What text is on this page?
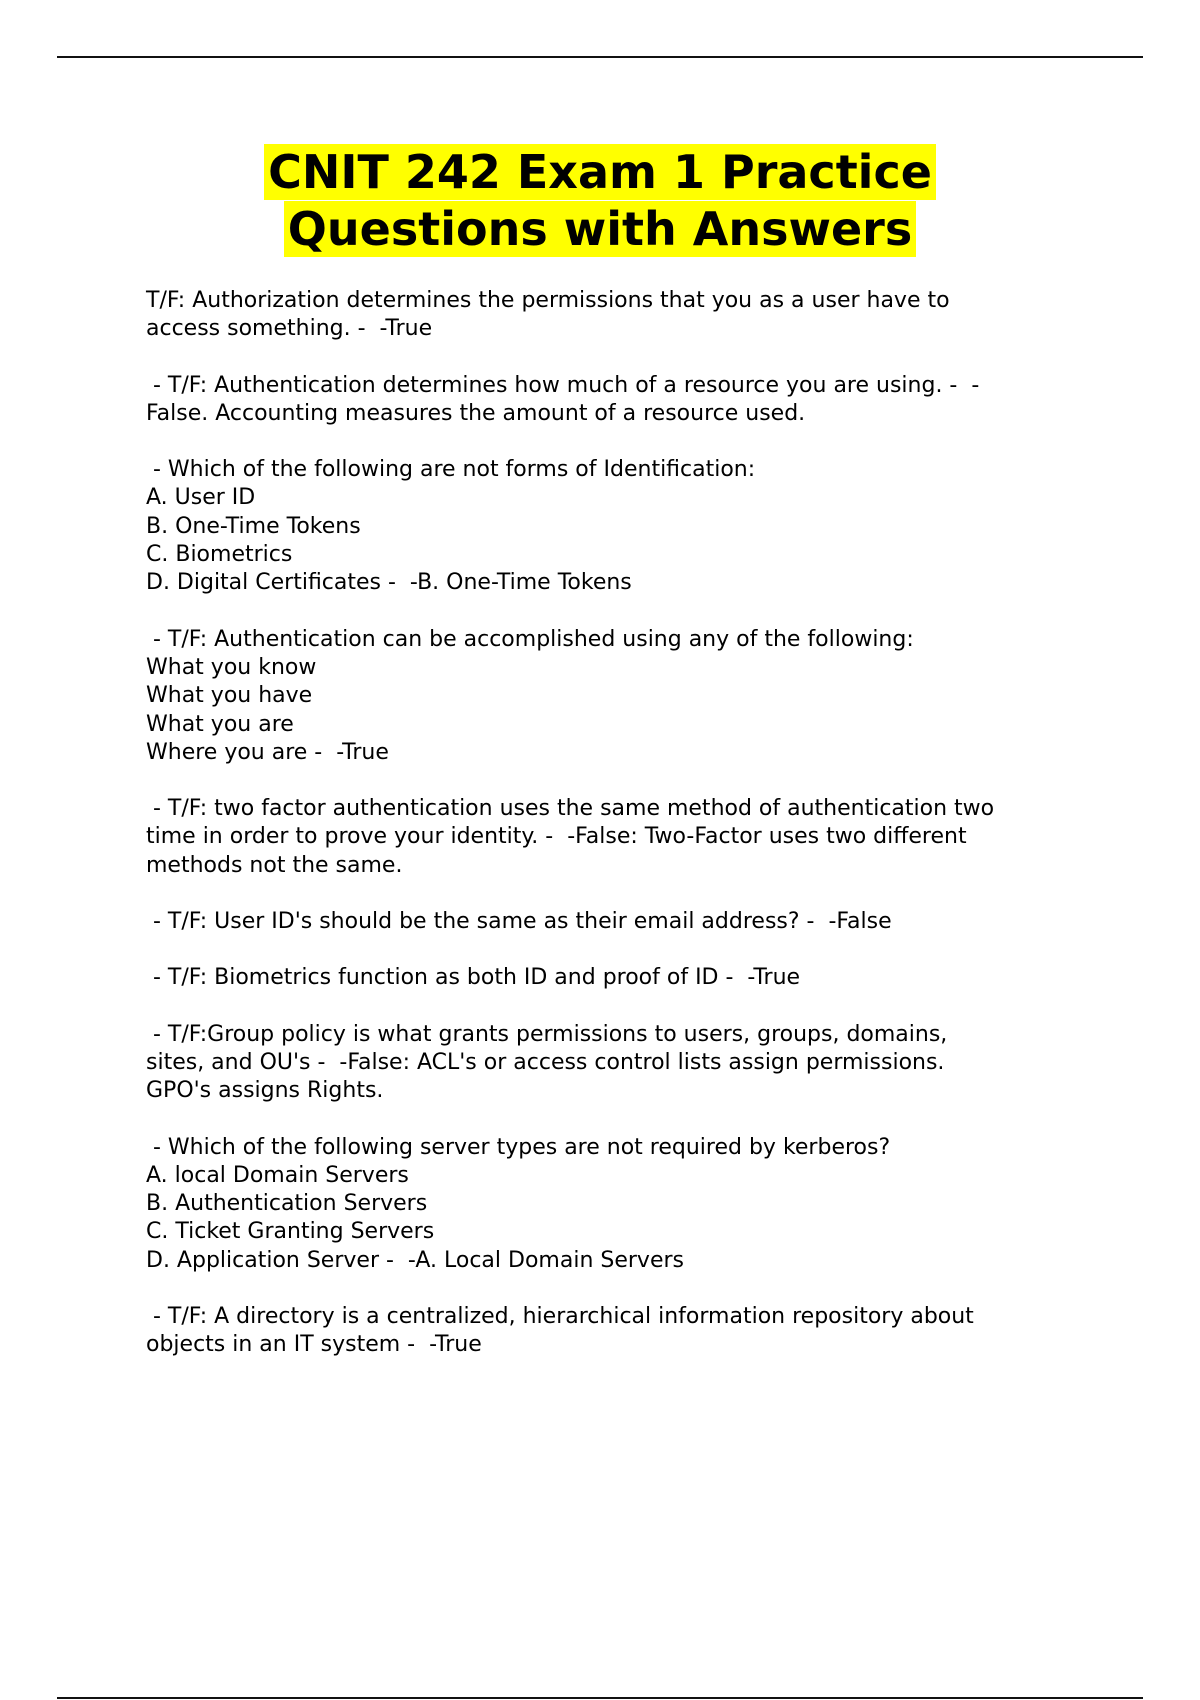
CNIT 242 Exam 1 Practice
Questions with Answers

T/F: Authorization determines the permissions that you as a user have to
access something. -  -True

- T/F: Authentication determines how much of a resource you are using. -  -
False. Accounting measures the amount of a resource used.

- Which of the following are not forms of Identification:
A. User ID
B. One-Time Tokens
C. Biometrics
D. Digital Certificates -  -B. One-Time Tokens

- T/F: Authentication can be accomplished using any of the following:
What you know
What you have
What you are
Where you are -  -True

- T/F: two factor authentication uses the same method of authentication two
time in order to prove your identity. -  -False: Two-Factor uses two different
methods not the same.

- T/F: User ID's should be the same as their email address? -  -False

- T/F: Biometrics function as both ID and proof of ID -  -True

- T/F:Group policy is what grants permissions to users, groups, domains,
sites, and OU's -  -False: ACL's or access control lists assign permissions.
GPO's assigns Rights.

- Which of the following server types are not required by kerberos?
A. local Domain Servers
B. Authentication Servers
C. Ticket Granting Servers
D. Application Server -  -A. Local Domain Servers

- T/F: A directory is a centralized, hierarchical information repository about
objects in an IT system -  -True
